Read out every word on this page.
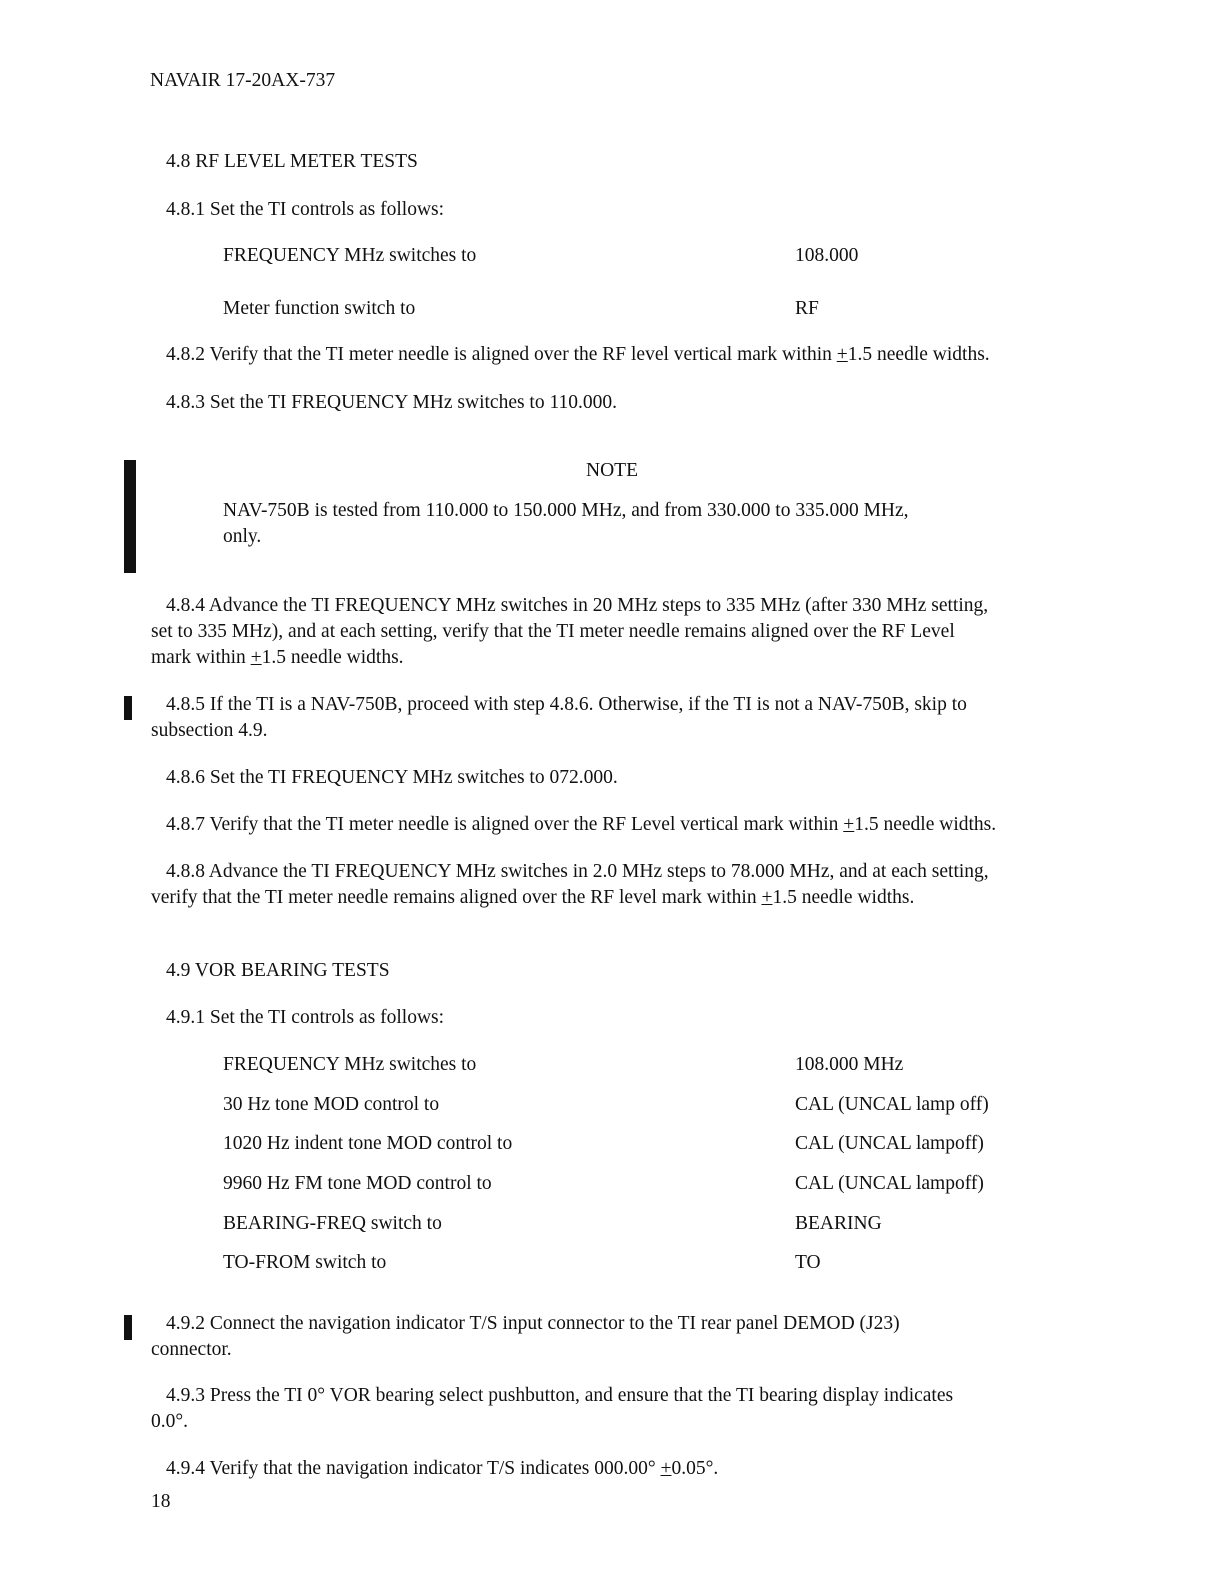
NAVAIR 17-20AX-737
4.8 RF LEVEL METER TESTS
4.8.1 Set the TI controls as follows:
FREQUENCY MHz switches to	108.000
Meter function switch to	RF
4.8.2 Verify that the TI meter needle is aligned over the RF level vertical mark within +1.5 needle widths.
4.8.3 Set the TI FREQUENCY MHz switches to 110.000.
NOTE
NAV-750B is tested from 110.000 to 150.000 MHz, and from 330.000 to 335.000 MHz,
only.
4.8.4 Advance the TI FREQUENCY MHz switches in 20 MHz steps to 335 MHz (after 330 MHz setting,
set to 335 MHz), and at each setting, verify that the TI meter needle remains aligned over the RF Level
mark within +1.5 needle widths.
4.8.5 If the TI is a NAV-750B, proceed with step 4.8.6. Otherwise, if the TI is not a NAV-750B, skip to
subsection 4.9.
4.8.6 Set the TI FREQUENCY MHz switches to 072.000.
4.8.7 Verify that the TI meter needle is aligned over the RF Level vertical mark within +1.5 needle widths.
4.8.8 Advance the TI FREQUENCY MHz switches in 2.0 MHz steps to 78.000 MHz, and at each setting,
verify that the TI meter needle remains aligned over the RF level mark within +1.5 needle widths.
4.9 VOR BEARING TESTS
4.9.1 Set the TI controls as follows:
FREQUENCY MHz switches to	108.000 MHz
30 Hz tone MOD control to	CAL (UNCAL lamp off)
1020 Hz indent tone MOD control to	CAL (UNCAL lampoff)
9960 Hz FM tone MOD control to	CAL (UNCAL lampoff)
BEARING-FREQ switch to	BEARING
TO-FROM switch to	TO
4.9.2 Connect the navigation indicator T/S input connector to the TI rear panel DEMOD (J23)
connector.
4.9.3 Press the TI 0° VOR bearing select pushbutton, and ensure that the TI bearing display indicates
0.0°.
4.9.4 Verify that the navigation indicator T/S indicates 000.00° +0.05°.
18
